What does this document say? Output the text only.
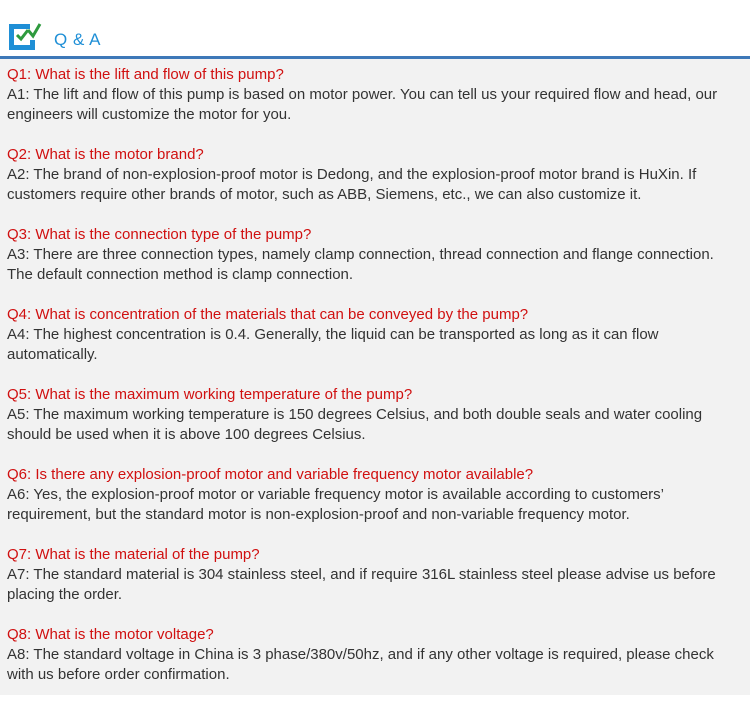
Q & A
Q1: What is the lift and flow of this pump?
A1: The lift and flow of this pump is based on motor power. You can tell us your required flow and head, our engineers will customize the motor for you.
Q2: What is the motor brand?
A2: The brand of non-explosion-proof motor is Dedong, and the explosion-proof motor brand is HuXin. If customers require other brands of motor, such as ABB, Siemens, etc., we can also customize it.
Q3: What is the connection type of the pump?
A3: There are three connection types, namely clamp connection, thread connection and flange connection. The default connection method is clamp connection.
Q4: What is concentration of the materials that can be conveyed by the pump?
A4: The highest concentration is 0.4. Generally, the liquid can be transported as long as it can flow automatically.
Q5: What is the maximum working temperature of the pump?
A5: The maximum working temperature is 150 degrees Celsius, and both double seals and water cooling should be used when it is above 100 degrees Celsius.
Q6: Is there any explosion-proof motor and variable frequency motor available?
A6: Yes, the explosion-proof motor or variable frequency motor is available according to customers’ requirement, but the standard motor is non-explosion-proof and non-variable frequency motor.
Q7: What is the material of the pump?
A7: The standard material is 304 stainless steel, and if require 316L stainless steel please advise us before placing the order.
Q8: What is the motor voltage?
A8: The standard voltage in China is 3 phase/380v/50hz, and if any other voltage is required, please check with us before order confirmation.
